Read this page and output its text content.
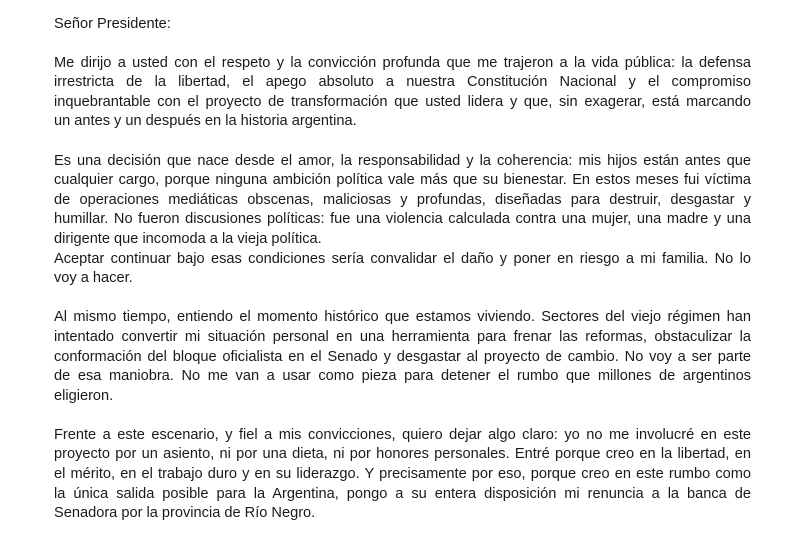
Señor Presidente:
Me dirijo a usted con el respeto y la convicción profunda que me trajeron a la vida pública: la defensa
irrestricta de la libertad, el apego absoluto a nuestra Constitución Nacional y el compromiso
inquebrantable con el proyecto de transformación que usted lidera y que, sin exagerar, está marcando
un antes y un después en la historia argentina.
Es una decisión que nace desde el amor, la responsabilidad y la coherencia: mis hijos están antes que
cualquier cargo, porque ninguna ambición política vale más que su bienestar. En estos meses fui víctima
de operaciones mediáticas obscenas, maliciosas y profundas, diseñadas para destruir, desgastar y
humillar. No fueron discusiones políticas: fue una violencia calculada contra una mujer, una madre y una
dirigente que incomoda a la vieja política.
Aceptar continuar bajo esas condiciones sería convalidar el daño y poner en riesgo a mi familia. No lo
voy a hacer.
Al mismo tiempo, entiendo el momento histórico que estamos viviendo. Sectores del viejo régimen han
intentado convertir mi situación personal en una herramienta para frenar las reformas, obstaculizar la
conformación del bloque oficialista en el Senado y desgastar al proyecto de cambio. No voy a ser parte
de esa maniobra. No me van a usar como pieza para detener el rumbo que millones de argentinos
eligieron.
Frente a este escenario, y fiel a mis convicciones, quiero dejar algo claro: yo no me involucré en este
proyecto por un asiento, ni por una dieta, ni por honores personales. Entré porque creo en la libertad, en
el mérito, en el trabajo duro y en su liderazgo. Y precisamente por eso, porque creo en este rumbo como
la única salida posible para la Argentina, pongo a su entera disposición mi renuncia a la banca de
Senadora por la provincia de Río Negro.
